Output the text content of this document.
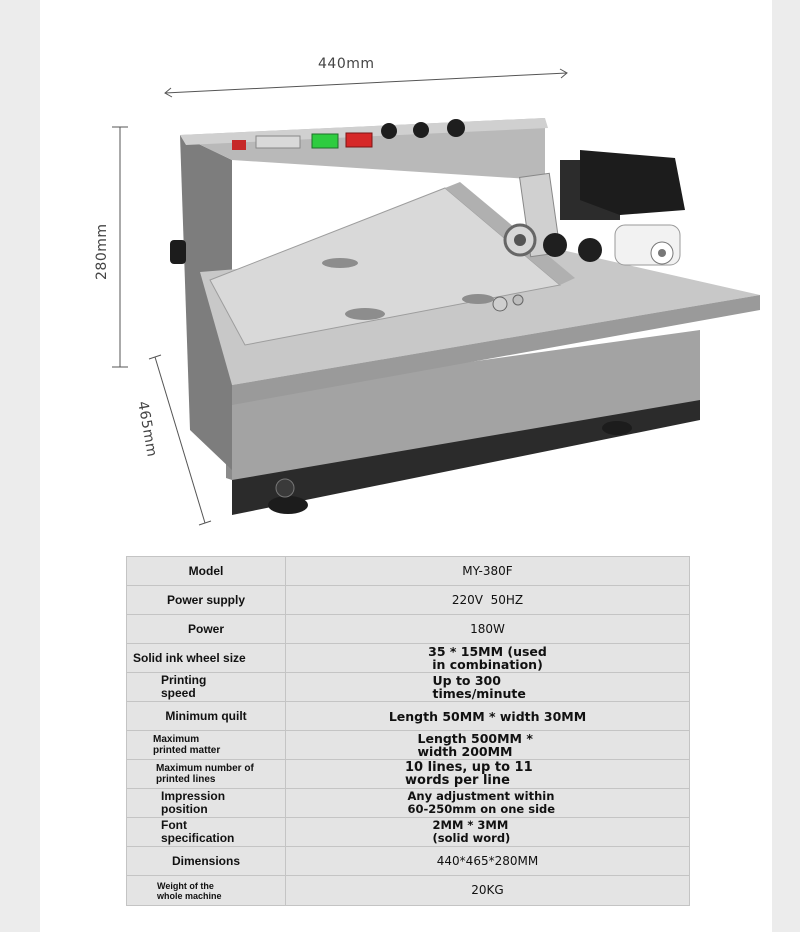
440mm
280mm
465mm
Model	MY-380F
Power supply	220V  50HZ
Power	180W
Solid ink wheel size	35 * 15MM (used in combination)
Printing speed	Up to 300 times/minute
Minimum quilt	Length 50MM * width 30MM
Maximum printed matter	Length 500MM * width 200MM
Maximum number of printed lines	10 lines, up to 11 words per line
Impression position	Any adjustment within 60-250mm on one side
Font specification	2MM * 3MM (solid word)
Dimensions	440*465*280MM
Weight of the whole machine	20KG
